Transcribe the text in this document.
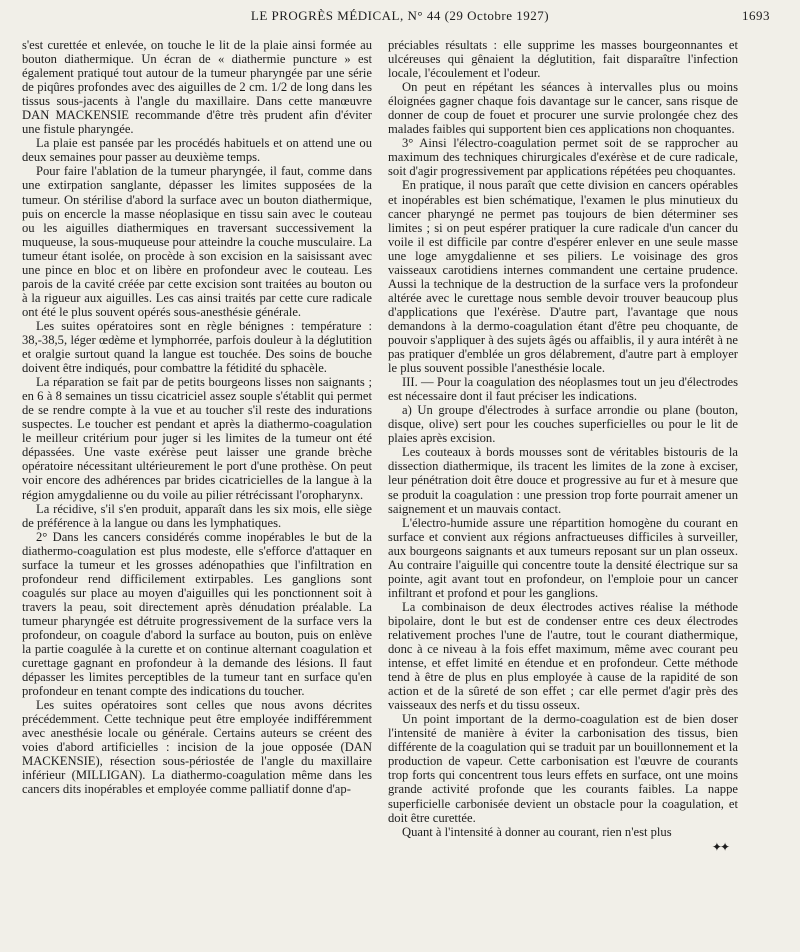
LE PROGRÈS MÉDICAL, N° 44 (29 Octobre 1927)	1693

s'est curettée et enlevée, on touche le lit de la plaie ainsi formée au bouton diathermique. Un écran de « diathermie puncture » est également pratiqué tout autour de la tumeur pharyngée par une série de piqûres profondes avec des aiguilles de 2 cm. 1/2 de long dans les tissus sous-jacents à l'angle du maxillaire. Dans cette manœuvre DAN MACKENSIE recommande d'être très prudent afin d'éviter une fistule pharyngée.

La plaie est pansée par les procédés habituels et on attend une ou deux semaines pour passer au deuxième temps.

Pour faire l'ablation de la tumeur pharyngée, il faut, comme dans une extirpation sanglante, dépasser les limites supposées de la tumeur. On stérilise d'abord la surface avec un bouton diathermique, puis on encercle la masse néoplasique en tissu sain avec le couteau ou les aiguilles diathermiques en traversant successivement la muqueuse, la sous-muqueuse pour atteindre la couche musculaire. La tumeur étant isolée, on procède à son excision en la saisissant avec une pince en bloc et on libère en profondeur avec le couteau. Les parois de la cavité créée par cette excision sont traitées au bouton ou à la rigueur aux aiguilles. Les cas ainsi traités par cette cure radicale ont été le plus souvent opérés sous-anesthésie générale.

Les suites opératoires sont en règle bénignes : température : 38,-38,5, léger œdème et lymphorrée, parfois douleur à la déglutition et oralgie surtout quand la langue est touchée. Des soins de bouche doivent être indiqués, pour combattre la fétidité du sphacèle.

La réparation se fait par de petits bourgeons lisses non saignants ; en 6 à 8 semaines un tissu cicatriciel assez souple s'établit qui permet de se rendre compte à la vue et au toucher s'il reste des indurations suspectes. Le toucher est pendant et après la diathermo-coagulation le meilleur critérium pour juger si les limites de la tumeur ont été dépassées. Une vaste exérèse peut laisser une grande brèche opératoire nécessitant ultérieurement le port d'une prothèse. On peut voir encore des adhérences par brides cicatricielles de la langue à la région amygdalienne ou du voile au pilier rétrécissant l'oropharynx.

La récidive, s'il s'en produit, apparaît dans les six mois, elle siège de préférence à la langue ou dans les lymphatiques.

2° Dans les cancers considérés comme inopérables le but de la diathermo-coagulation est plus modeste, elle s'efforce d'attaquer en surface la tumeur et les grosses adénopathies que l'infiltration en profondeur rend difficilement extirpables. Les ganglions sont coagulés sur place au moyen d'aiguilles qui les ponctionnent soit à travers la peau, soit directement après dénudation préalable. La tumeur pharyngée est détruite progressivement de la surface vers la profondeur, on coagule d'abord la surface au bouton, puis on enlève la partie coagulée à la curette et on continue alternant coagulation et curettage gagnant en profondeur à la demande des lésions. Il faut dépasser les limites perceptibles de la tumeur tant en surface qu'en profondeur en tenant compte des indications du toucher.

Les suites opératoires sont celles que nous avons décrites précédemment. Cette technique peut être employée indifféremment avec anesthésie locale ou générale. Certains auteurs se créent des voies d'abord artificielles : incision de la joue opposée (DAN MACKENSIE), résection sous-périostée de l'angle du maxillaire inférieur (MILLIGAN). La diathermo-coagulation même dans les cancers dits inopérables et employée comme palliatif donne d'ap-

préciables résultats : elle supprime les masses bourgeonnantes et ulcéreuses qui gênaient la déglutition, fait disparaître l'infection locale, l'écoulement et l'odeur.

On peut en répétant les séances à intervalles plus ou moins éloignées gagner chaque fois davantage sur le cancer, sans risque de donner de coup de fouet et procurer une survie prolongée chez des malades faibles qui supportent bien ces applications non choquantes.

3° Ainsi l'électro-coagulation permet soit de se rapprocher au maximum des techniques chirurgicales d'exérèse et de cure radicale, soit d'agir progressivement par applications répétées peu choquantes.

En pratique, il nous paraît que cette division en cancers opérables et inopérables est bien schématique, l'examen le plus minutieux du cancer pharyngé ne permet pas toujours de bien déterminer ses limites ; si on peut espérer pratiquer la cure radicale d'un cancer du voile il est difficile par contre d'espérer enlever en une seule masse une loge amygdalienne et ses piliers. Le voisinage des gros vaisseaux carotidiens internes commandent une certaine prudence. Aussi la technique de la destruction de la surface vers la profondeur altérée avec le curettage nous semble devoir trouver beaucoup plus d'applications que l'exérèse. D'autre part, l'avantage que nous demandons à la dermo-coagulation étant d'être peu choquante, de pouvoir s'appliquer à des sujets âgés ou affaiblis, il y aura intérêt à ne pas pratiquer d'emblée un gros délabrement, d'autre part à employer le plus souvent possible l'anesthésie locale.

III. — Pour la coagulation des néoplasmes tout un jeu d'électrodes est nécessaire dont il faut préciser les indications.

a) Un groupe d'électrodes à surface arrondie ou plane (bouton, disque, olive) sert pour les couches superficielles ou pour le lit de plaies après excision.

Les couteaux à bords mousses sont de véritables bistouris de la dissection diathermique, ils tracent les limites de la zone à exciser, leur pénétration doit être douce et progressive au fur et à mesure que se produit la coagulation : une pression trop forte pourrait amener un saignement et un mauvais contact.

L'électro-humide assure une répartition homogène du courant en surface et convient aux régions anfractueuses difficiles à surveiller, aux bourgeons saignants et aux tumeurs reposant sur un plan osseux. Au contraire l'aiguille qui concentre toute la densité électrique sur sa pointe, agit avant tout en profondeur, on l'emploie pour un cancer infiltrant et profond et pour les ganglions.

La combinaison de deux électrodes actives réalise la méthode bipolaire, dont le but est de condenser entre ces deux électrodes relativement proches l'une de l'autre, tout le courant diathermique, donc à ce niveau à la fois effet maximum, même avec courant peu intense, et effet limité en étendue et en profondeur. Cette méthode tend à être de plus en plus employée à cause de la rapidité de son action et de la sûreté de son effet ; car elle permet d'agir près des vaisseaux des nerfs et du tissu osseux.

Un point important de la dermo-coagulation est de bien doser l'intensité de manière à éviter la carbonisation des tissus, bien différente de la coagulation qui se traduit par un bouillonnement et la production de vapeur. Cette carbonisation est l'œuvre de courants trop forts qui concentrent tous leurs effets en surface, ont une moins grande activité profonde que les courants faibles. La nappe superficielle carbonisée devient un obstacle pour la coagulation, et doit être curettée.

Quant à l'intensité à donner au courant, rien n'est plus

✦✦
